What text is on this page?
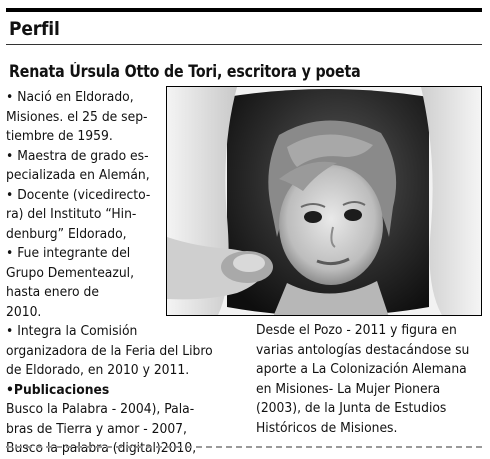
Perfil
Renata Úrsula Otto de Tori, escritora y poeta

• Nació en Eldorado,

Misiones. el 25 de sep-

tiembre de 1959.

• Maestra de grado es-

pecializada en Alemán,

• Docente (vicedirecto-

ra) del Instituto “Hin-

denburg” Eldorado,

• Fue integrante del

Grupo Dementeazul,

hasta enero de

2010.

• Integra la Comisión

organizadora de la Feria del Libro

de Eldorado, en 2010 y 2011.

•Publicaciones

Busco la Palabra - 2004), Pala-

bras de Tierra y amor - 2007,

Busco la palabra (digital)2010,

Desde el Pozo - 2011 y figura en

varias antologías destacándose su

aporte a La Colonización Alemana

en Misiones- La Mujer Pionera

(2003), de la Junta de Estudios

Históricos de Misiones.
